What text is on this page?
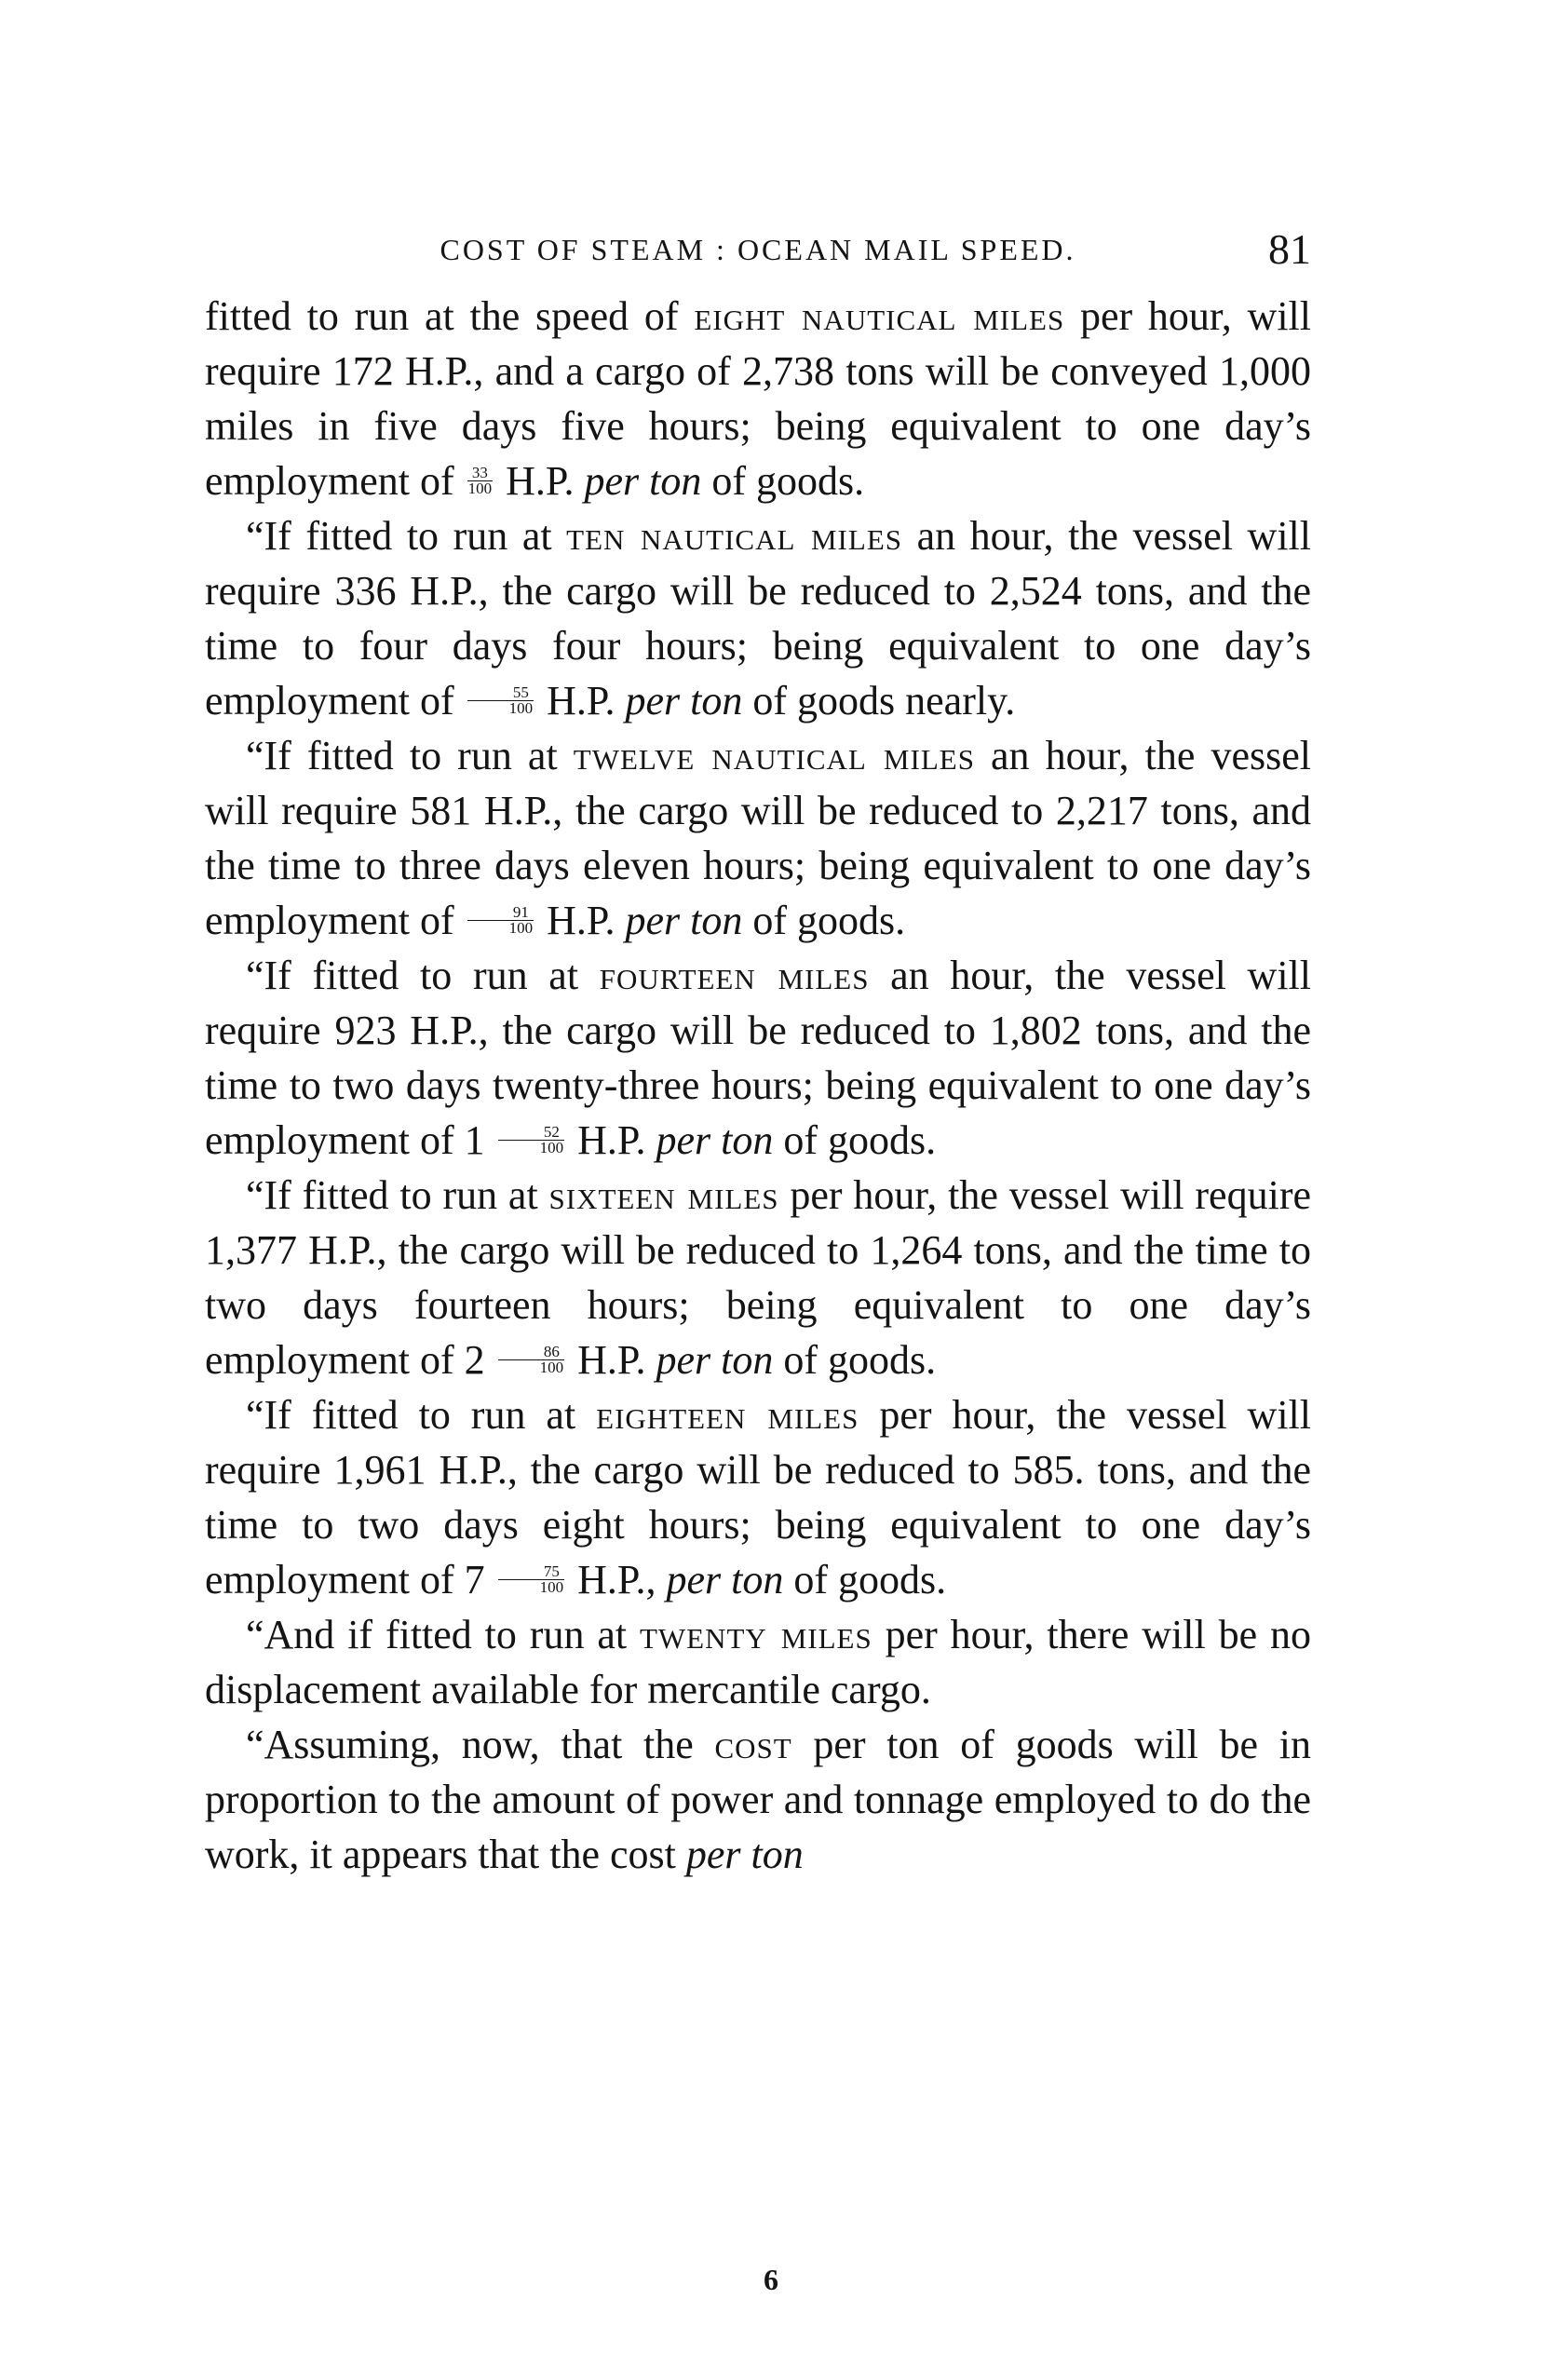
COST OF STEAM : OCEAN MAIL SPEED.	81

fitted to run at the speed of eight nautical miles per hour, will require 172 H.P., and a cargo of 2,738 tons will be conveyed 1,000 miles in five days five hours; being equivalent to one day’s employment of $\frac{33}{100} H.P$. per ton of goods.

“If fitted to run at ten nautical miles an hour, the vessel will require 336 H.P., the cargo will be reduced to 2,524 tons, and the time to four days four hours; being equivalent to one day’s employment of $\frac{55}{100} H.P$. per ton of goods nearly.

“If fitted to run at twelve nautical miles an hour, the vessel will require 581 H.P., the cargo will be reduced to 2,217 tons, and the time to three days eleven hours; being equivalent to one day’s employment of $\frac{91}{100} H.P$. per ton of goods.

“If fitted to run at fourteen miles an hour, the vessel will require 923 H.P., the cargo will be reduced to 1,802 tons, and the time to two days twenty-three hours; being equivalent to one day’s employment of $1 \frac{52}{100} H.P$. per ton of goods.

“If fitted to run at sixteen miles per hour, the vessel will require 1,377 H.P., the cargo will be reduced to 1,264 tons, and the time to two days fourteen hours; being equivalent to one day’s employment of $2 \frac{86}{100} H.P$. per ton of goods.

“If fitted to run at eighteen miles per hour, the vessel will require 1,961 H.P., the cargo will be reduced to 585. tons, and the time to two days eight hours; being equivalent to one day’s employment of $7 \frac{75}{100} H.P$., per ton of goods.

“And if fitted to run at twenty miles per hour, there will be no displacement available for mercantile cargo.

“Assuming, now, that the cost per ton of goods will be in proportion to the amount of power and tonnage employed to do the work, it appears that the cost per ton

6
